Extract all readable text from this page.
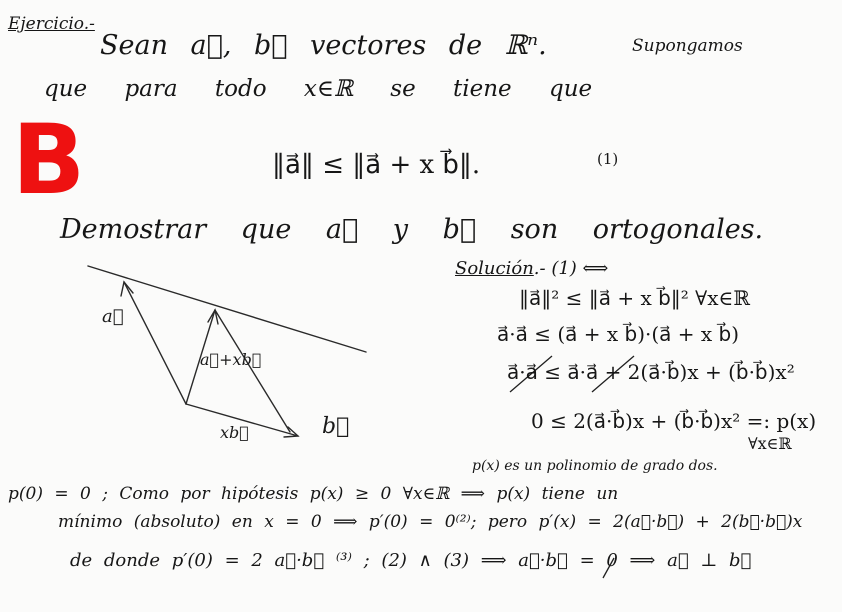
Ejercicio.-
Sean a⃗, b⃗ vectores de ℝⁿ.	Supongamos
que para todo x∈ℝ se tiene que
B	‖a⃗‖ ≤ ‖a⃗ + x b⃗‖.	(1)
Demostrar que a⃗ y b⃗ son ortogonales.
a⃗
a⃗+xb⃗
xb⃗	b⃗
Solución.- (1) ⟺
‖a⃗‖² ≤ ‖a⃗ + x b⃗‖² ∀x∈ℝ
a⃗·a⃗ ≤ (a⃗ + x b⃗)·(a⃗ + x b⃗)
a⃗·a⃗ ≤ a⃗·a⃗ + 2(a⃗·b⃗)x + (b⃗·b⃗)x²
0 ≤ 2(a⃗·b⃗)x + (b⃗·b⃗)x² =: p(x)
∀x∈ℝ
p(x) es un polinomio de grado dos.
p(0) = 0 ; Como por hipótesis p(x) ≥ 0 ∀x∈ℝ ⟹ p(x) tiene un
mínimo (absoluto) en x = 0 ⟹ p′(0) = 0⁽²⁾; pero p′(x) = 2(a⃗·b⃗) + 2(b⃗·b⃗)x
de donde p′(0) = 2 a⃗·b⃗ ⁽³⁾ ; (2) ∧ (3) ⟹ a⃗·b⃗ = 0 ⟹ a⃗ ⊥ b⃗
